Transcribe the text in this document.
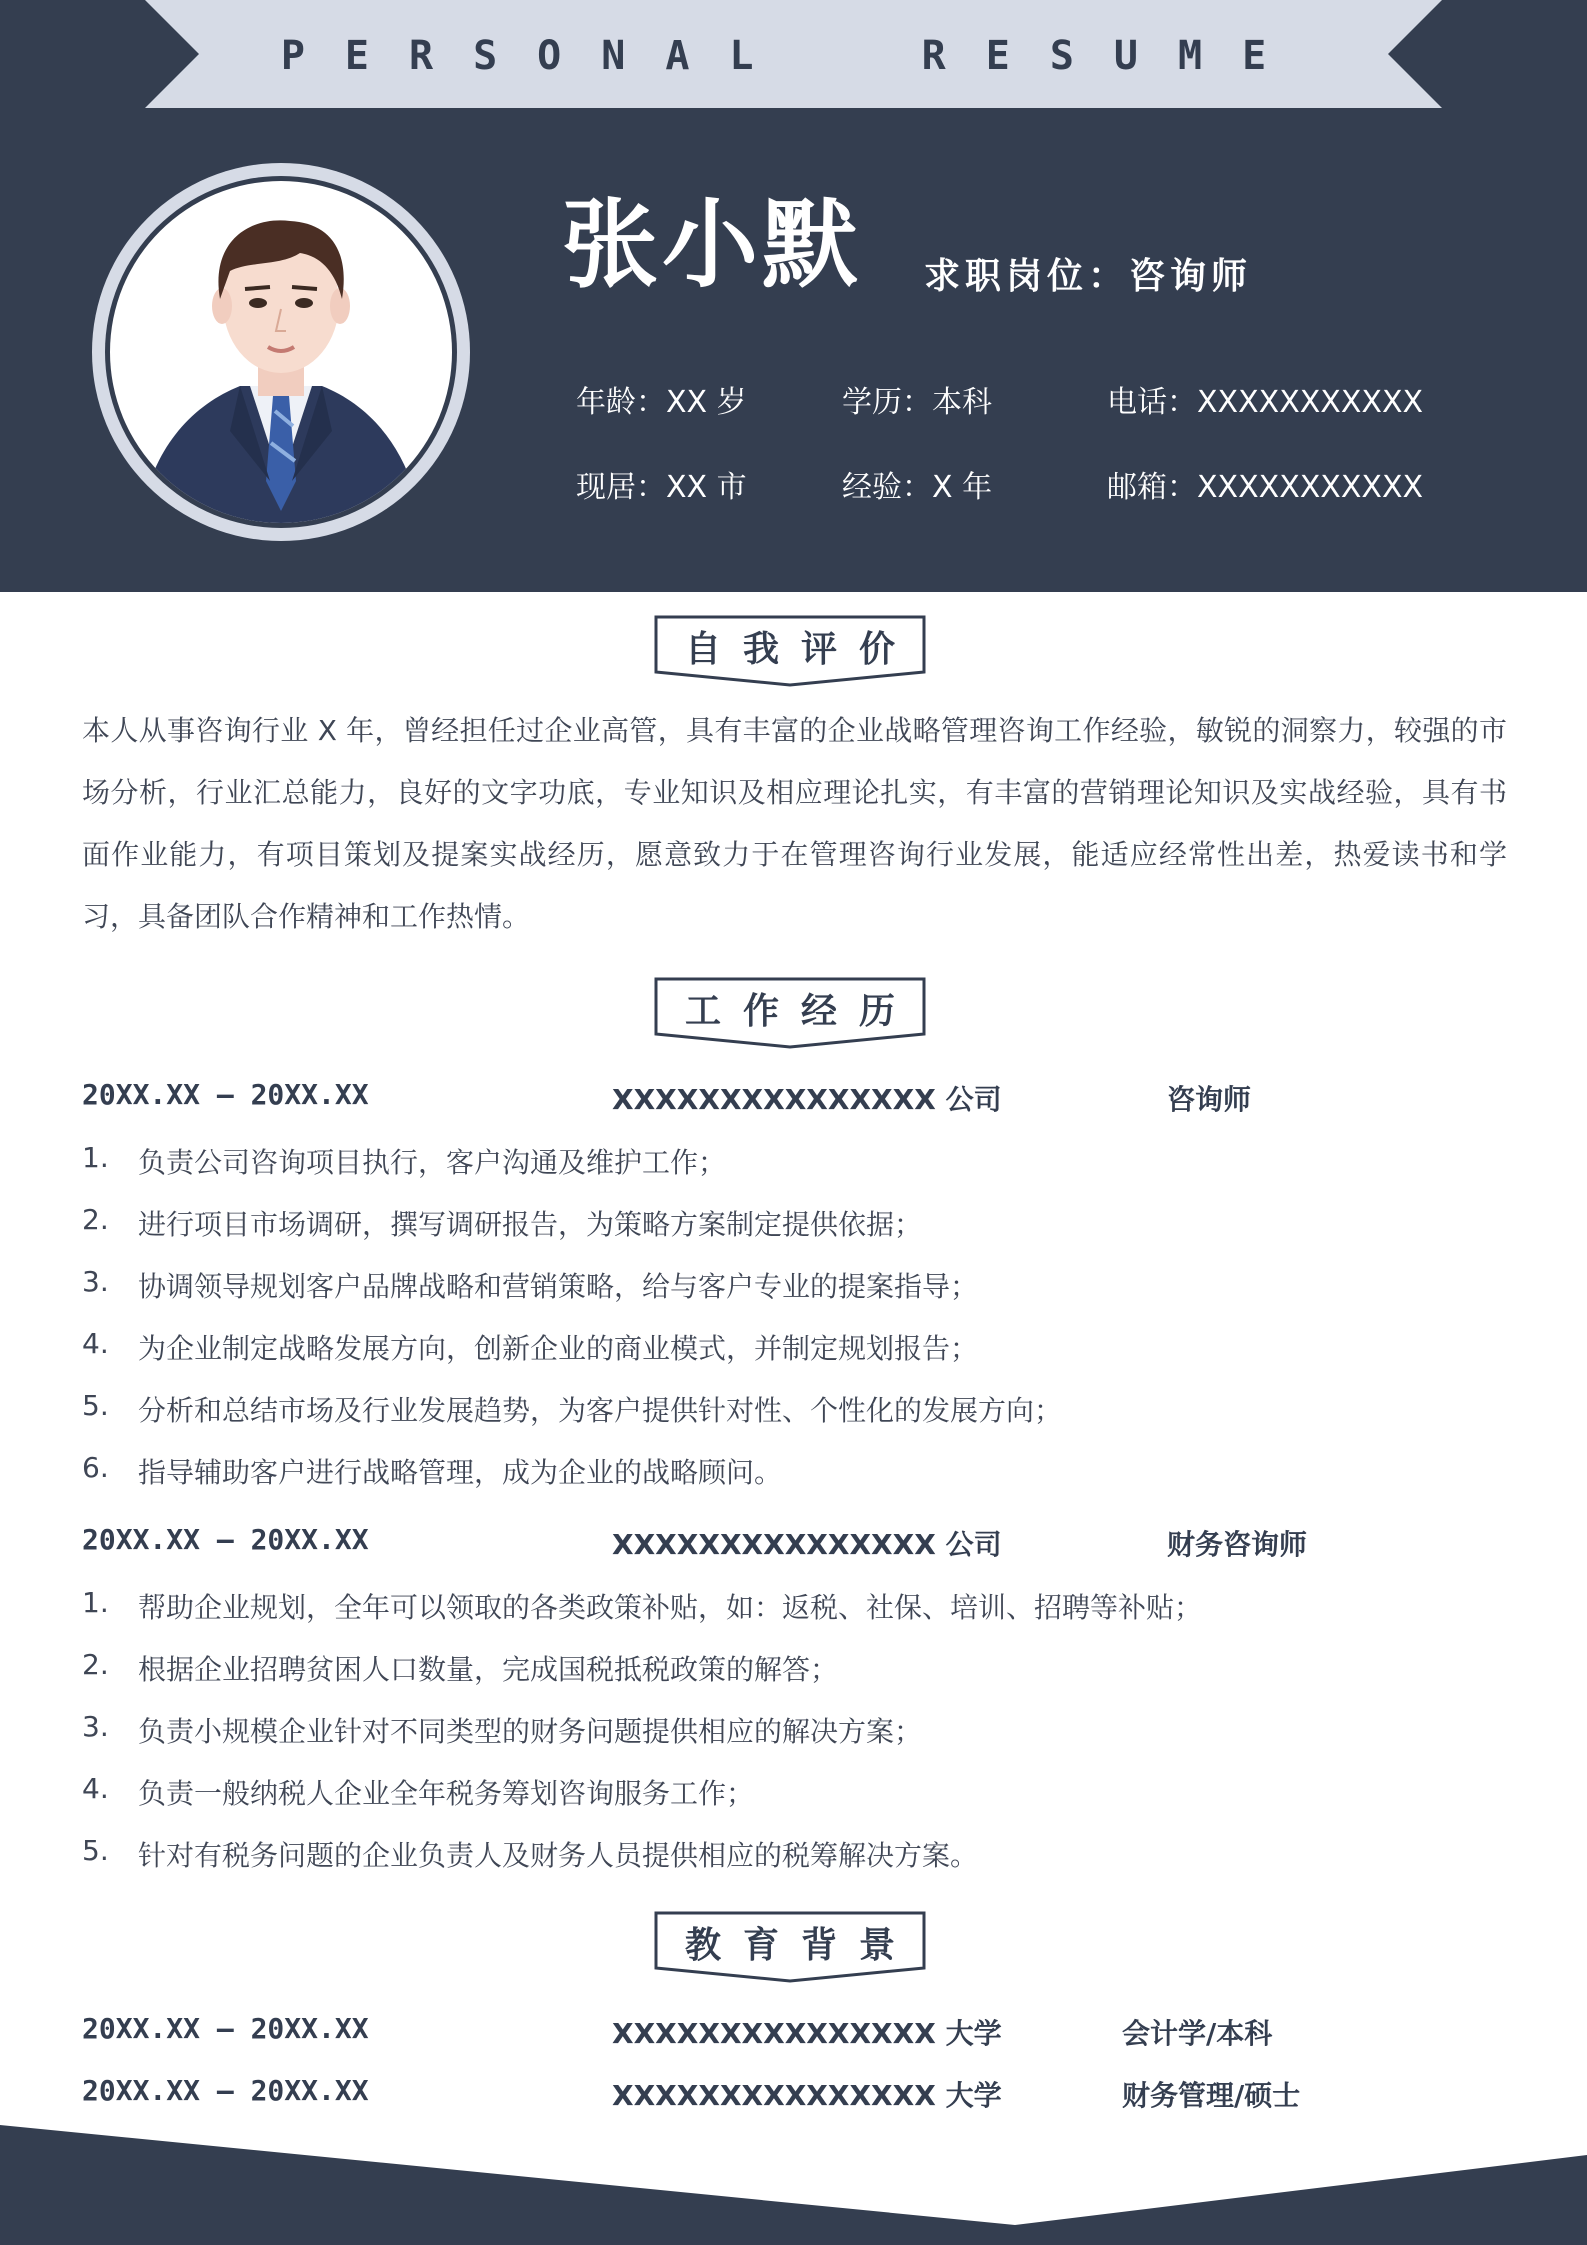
PERSONAL  RESUME
张小默 求职岗位：咨询师
年龄：XX 岁	学历：本科	电话：XXXXXXXXXXX
现居：XX 市	经验：X 年	邮箱：XXXXXXXXXXX
自我评价
本人从事咨询行业 X 年，曾经担任过企业高管，具有丰富的企业战略管理咨询工作经验，敏锐的洞察力，较强的市场分析，行业汇总能力，良好的文字功底，专业知识及相应理论扎实，有丰富的营销理论知识及实战经验，具有书面作业能力，有项目策划及提案实战经历，愿意致力于在管理咨询行业发展，能适应经常性出差，热爱读书和学习，具备团队合作精神和工作热情。
工作经历
20XX.XX – 20XX.XX	XXXXXXXXXXXXXXX 公司	咨询师
1. 负责公司咨询项目执行，客户沟通及维护工作；
2. 进行项目市场调研，撰写调研报告，为策略方案制定提供依据；
3. 协调领导规划客户品牌战略和营销策略，给与客户专业的提案指导；
4. 为企业制定战略发展方向，创新企业的商业模式，并制定规划报告；
5. 分析和总结市场及行业发展趋势，为客户提供针对性、个性化的发展方向；
6. 指导辅助客户进行战略管理，成为企业的战略顾问。
20XX.XX – 20XX.XX	XXXXXXXXXXXXXXX 公司	财务咨询师
1. 帮助企业规划，全年可以领取的各类政策补贴，如：返税、社保、培训、招聘等补贴；
2. 根据企业招聘贫困人口数量，完成国税抵税政策的解答；
3. 负责小规模企业针对不同类型的财务问题提供相应的解决方案；
4. 负责一般纳税人企业全年税务筹划咨询服务工作；
5. 针对有税务问题的企业负责人及财务人员提供相应的税筹解决方案。
教育背景
20XX.XX – 20XX.XX	XXXXXXXXXXXXXXX 大学	会计学/本科
20XX.XX – 20XX.XX	XXXXXXXXXXXXXXX 大学	财务管理/硕士
